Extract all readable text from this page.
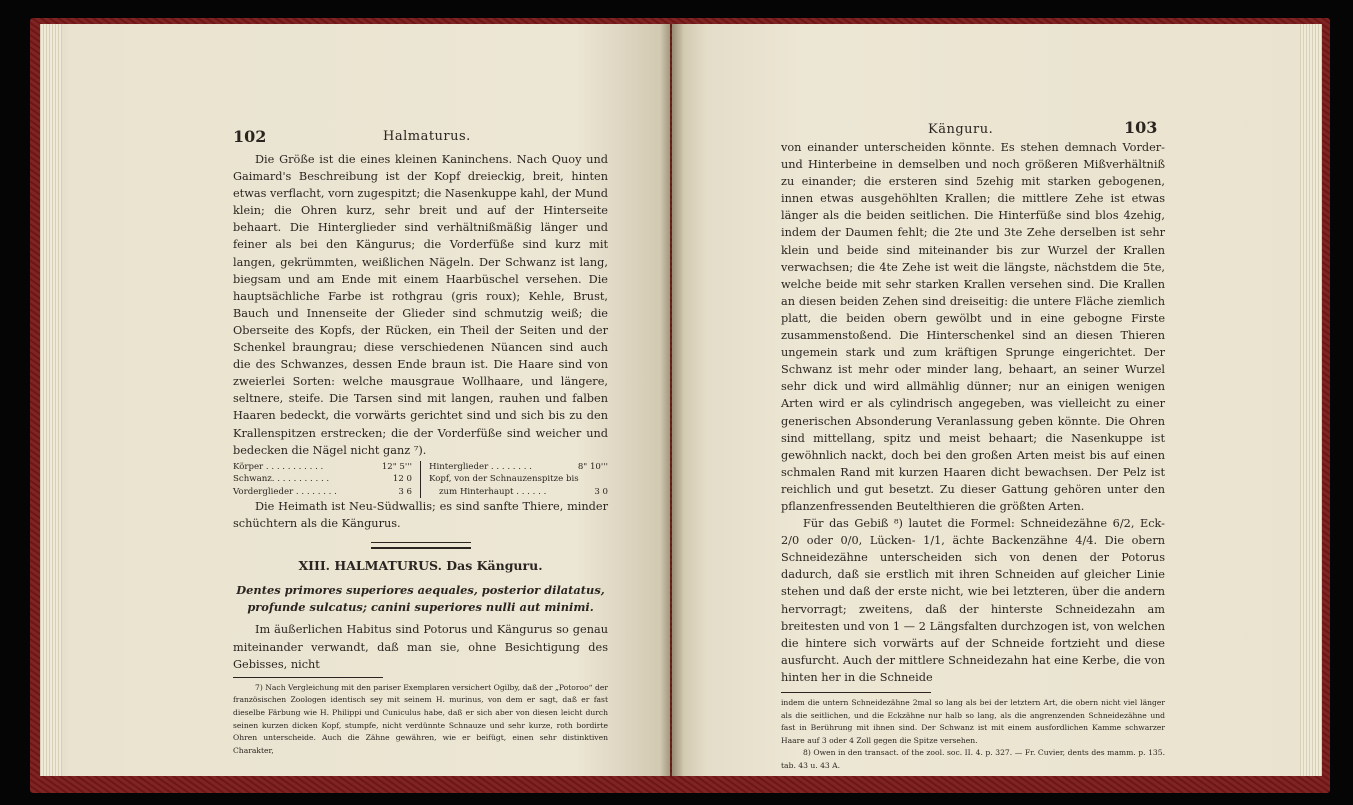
102	Halmaturus.

Die Größe ist die eines kleinen Kaninchens. Nach Quoy und Gaimard's Beschreibung ist der Kopf dreieckig, breit, hinten etwas verflacht, vorn zugespitzt; die Nasenkuppe kahl, der Mund klein; die Ohren kurz, sehr breit und auf der Hinterseite behaart. Die Hinterglieder sind verhältnißmäßig länger und feiner als bei den Kängurus; die Vorderfüße sind kurz mit langen, gekrümmten, weißlichen Nägeln. Der Schwanz ist lang, biegsam und am Ende mit einem Haarbüschel versehen. Die hauptsächliche Farbe ist rothgrau (gris roux); Kehle, Brust, Bauch und Innenseite der Glieder sind schmutzig weiß; die Oberseite des Kopfs, der Rücken, ein Theil der Seiten und der Schenkel braungrau; diese verschiedenen Nüancen sind auch die des Schwanzes, dessen Ende braun ist. Die Haare sind von zweierlei Sorten: welche mausgraue Wollhaare, und längere, seltnere, steife. Die Tarsen sind mit langen, rauhen und falben Haaren bedeckt, die vorwärts gerichtet sind und sich bis zu den Krallenspitzen erstrecken; die der Vorderfüße sind weicher und bedecken die Nägel nicht ganz ⁷).

Körper . . . . . . . . . . .	12" 5'''
Schwanz. . . . . . . . . . .	12 0
Vorderglieder . . . . . . . .	3 6
Hinterglieder . . . . . . . .	8" 10'''
Kopf, von der Schnauzenspitze bis
zum Hinterhaupt . . . . . .	3 0

Die Heimath ist Neu-Südwallis; es sind sanfte Thiere, minder schüchtern als die Kängurus.

XIII. HALMATURUS. Das Känguru.

Dentes primores superiores aequales, posterior dilatatus, profunde sulcatus; canini superiores nulli aut minimi.

Im äußerlichen Habitus sind Potorus und Kängurus so genau miteinander verwandt, daß man sie, ohne Besichtigung des Gebisses, nicht

7) Nach Vergleichung mit den pariser Exemplaren versichert Ogilby, daß der „Potoroo“ der französischen Zoologen identisch sey mit seinem H. murinus, von dem er sagt, daß er fast dieselbe Färbung wie H. Philippi und Cuniculus habe, daß er sich aber von diesen leicht durch seinen kurzen dicken Kopf, stumpfe, nicht verdünnte Schnauze und sehr kurze, roth bordirte Ohren unterscheide. Auch die Zähne gewähren, wie er beifügt, einen sehr distinktiven Charakter,

Känguru.	103

von einander unterscheiden könnte. Es stehen demnach Vorder- und Hinterbeine in demselben und noch größeren Mißverhältniß zu einander; die ersteren sind 5zehig mit starken gebogenen, innen etwas ausgehöhlten Krallen; die mittlere Zehe ist etwas länger als die beiden seitlichen. Die Hinterfüße sind blos 4zehig, indem der Daumen fehlt; die 2te und 3te Zehe derselben ist sehr klein und beide sind miteinander bis zur Wurzel der Krallen verwachsen; die 4te Zehe ist weit die längste, nächstdem die 5te, welche beide mit sehr starken Krallen versehen sind. Die Krallen an diesen beiden Zehen sind dreiseitig: die untere Fläche ziemlich platt, die beiden obern gewölbt und in eine gebogne Firste zusammenstoßend. Die Hinterschenkel sind an diesen Thieren ungemein stark und zum kräftigen Sprunge eingerichtet. Der Schwanz ist mehr oder minder lang, behaart, an seiner Wurzel sehr dick und wird allmählig dünner; nur an einigen wenigen Arten wird er als cylindrisch angegeben, was vielleicht zu einer generischen Absonderung Veranlassung geben könnte. Die Ohren sind mittellang, spitz und meist behaart; die Nasenkuppe ist gewöhnlich nackt, doch bei den großen Arten meist bis auf einen schmalen Rand mit kurzen Haaren dicht bewachsen. Der Pelz ist reichlich und gut besetzt. Zu dieser Gattung gehören unter den pflanzenfressenden Beutelthieren die größten Arten.

Für das Gebiß ⁸) lautet die Formel: Schneidezähne 6/2, Eck- 2/0 oder 0/0, Lücken- 1/1, ächte Backenzähne 4/4. Die obern Schneidezähne unterscheiden sich von denen der Potorus dadurch, daß sie erstlich mit ihren Schneiden auf gleicher Linie stehen und daß der erste nicht, wie bei letzteren, über die andern hervorragt; zweitens, daß der hinterste Schneidezahn am breitesten und von 1 — 2 Längsfalten durchzogen ist, von welchen die hintere sich vorwärts auf der Schneide fortzieht und diese ausfurcht. Auch der mittlere Schneidezahn hat eine Kerbe, die von hinten her in die Schneide

indem die untern Schneidezähne 2mal so lang als bei der letztern Art, die obern nicht viel länger als die seitlichen, und die Eckzähne nur halb so lang, als die angrenzenden Schneidezähne und fast in Berührung mit ihnen sind. Der Schwanz ist mit einem ausfordlichen Kamme schwarzer Haare auf 3 oder 4 Zoll gegen die Spitze versehen.

8) Owen in den transact. of the zool. soc. II. 4. p. 327. — Fr. Cuvier, dents des mamm. p. 135. tab. 43 u. 43 A.
